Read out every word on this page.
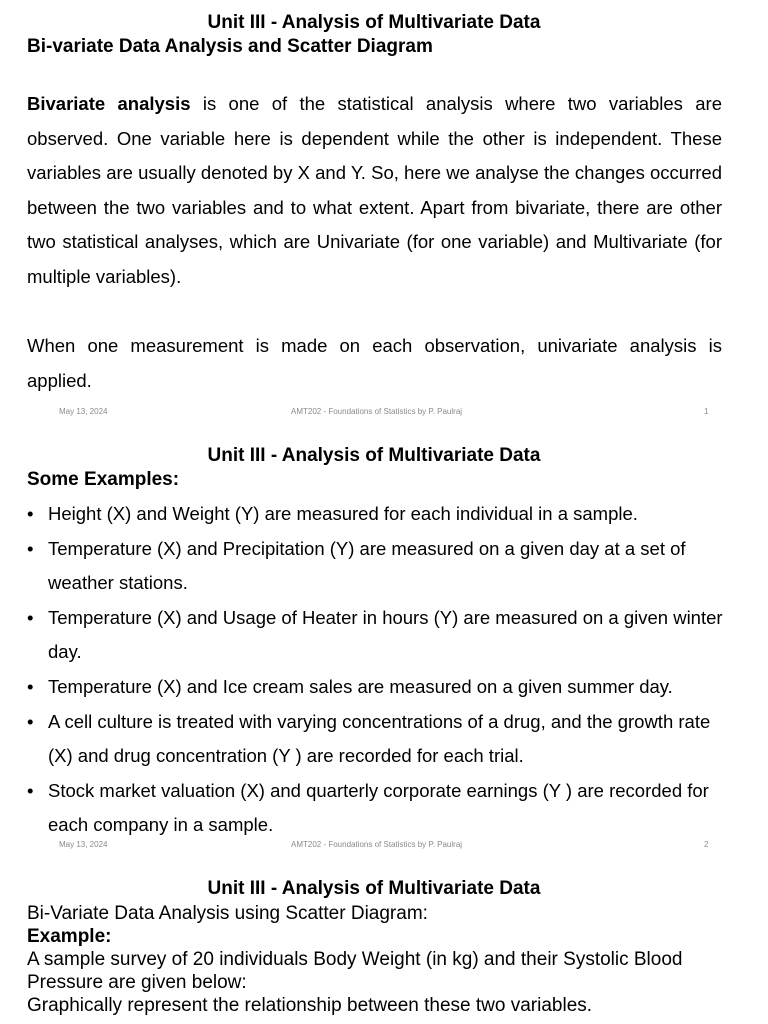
Unit III - Analysis of Multivariate Data
Bi-variate Data Analysis and Scatter Diagram

Bivariate analysis is one of the statistical analysis where two variables are observed. One variable here is dependent while the other is independent. These variables are usually denoted by X and Y. So, here we analyse the changes occurred between the two variables and to what extent. Apart from bivariate, there are other two statistical analyses, which are Univariate (for one variable) and Multivariate (for multiple variables).

When one measurement is made on each observation, univariate analysis is applied.

May 13, 2024	AMT202 - Foundations of Statistics by P. Paulraj	1
Unit III - Analysis of Multivariate Data
Some Examples:
• Height (X) and Weight (Y) are measured for each individual in a sample.
• Temperature (X) and Precipitation (Y) are measured on a given day at a set of weather stations.
• Temperature (X) and Usage of Heater in hours (Y) are measured on a given winter day.
• Temperature (X) and Ice cream sales are measured on a given summer day.
• A cell culture is treated with varying concentrations of a drug, and the growth rate (X) and drug concentration (Y ) are recorded for each trial.
• Stock market valuation (X) and quarterly corporate earnings (Y ) are recorded for each company in a sample.
May 13, 2024	AMT202 - Foundations of Statistics by P. Paulraj	2
Unit III - Analysis of Multivariate Data
Bi-Variate Data Analysis using Scatter Diagram:
Example:

A sample survey of 20 individuals Body Weight (in kg) and their Systolic Blood Pressure are given below:

Graphically represent the relationship between these two variables.
